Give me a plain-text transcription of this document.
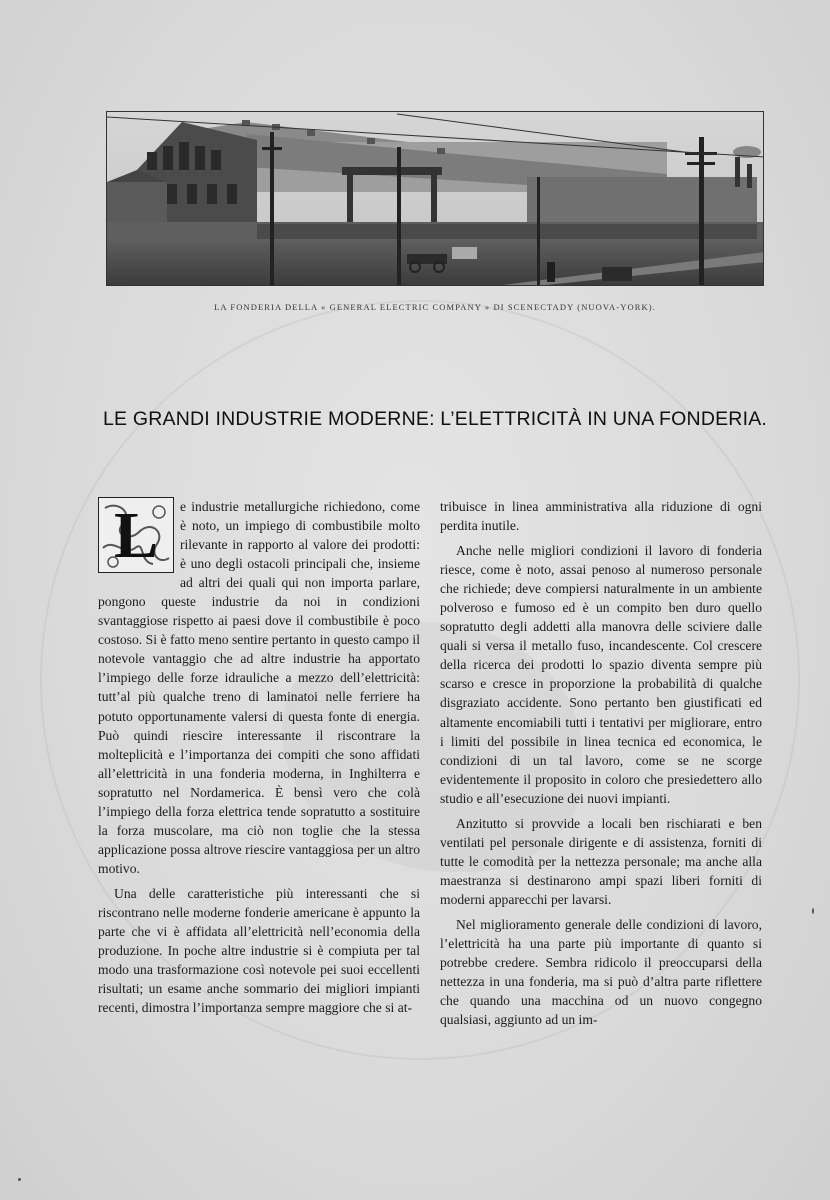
LA FONDERIA DELLA « GENERAL ELECTRIC COMPANY » DI SCENECTADY (NUOVA-YORK).
LE GRANDI INDUSTRIE MODERNE: L’ELETTRICITÀ IN UNA FONDERIA.

L	e industrie metallurgiche richiedono, come è noto, un impiego di combustibile molto rilevante in rapporto al valore dei prodotti: è uno degli ostacoli principali che, insieme ad altri dei quali qui non importa parlare, pongono queste industrie da noi in condizioni svantaggiose rispetto ai paesi dove il combustibile è poco costoso. Si è fatto meno sentire pertanto in questo campo il notevole vantaggio che ad altre industrie ha apportato l’impiego delle forze idrauliche a mezzo dell’elettricità: tutt’al più qualche treno di laminatoi nelle ferriere ha potuto opportunamente valersi di questa fonte di energia. Può quindi riescire interessante il riscontrare la molteplicità e l’importanza dei compiti che sono affidati all’elettricità in una fonderia moderna, in Inghilterra e sopratutto nel Nordamerica. È bensì vero che colà l’impiego della forza elettrica tende sopratutto a sostituire la forza muscolare, ma ciò non toglie che la stessa applicazione possa altrove riescire vantaggiosa per un altro motivo.

Una delle caratteristiche più interessanti che si riscontrano nelle moderne fonderie americane è appunto la parte che vi è affidata all’elettricità nell’economia della produzione. In poche altre industrie si è compiuta per tal modo una trasformazione così notevole pei suoi eccellenti risultati; un esame anche sommario dei migliori impianti recenti, dimostra l’importanza sempre maggiore che si at-

tribuisce in linea amministrativa alla riduzione di ogni perdita inutile.

Anche nelle migliori condizioni il lavoro di fonderia riesce, come è noto, assai penoso al numeroso personale che richiede; deve compiersi naturalmente in un ambiente polveroso e fumoso ed è un compito ben duro quello sopratutto degli addetti alla manovra delle sciviere dalle quali si versa il metallo fuso, incandescente. Col crescere della ricerca dei prodotti lo spazio diventa sempre più scarso e cresce in proporzione la probabilità di qualche disgraziato accidente. Sono pertanto ben giustificati ed altamente encomiabili tutti i tentativi per migliorare, entro i limiti del possibile in linea tecnica ed economica, le condizioni di un tal lavoro, come se ne scorge evidentemente il proposito in coloro che presiedettero allo studio e all’esecuzione dei nuovi impianti.

Anzitutto si provvide a locali ben rischiarati e ben ventilati pel personale dirigente e di assistenza, forniti di tutte le comodità per la nettezza personale; ma anche alla maestranza si destinarono ampi spazi liberi forniti di moderni apparecchi per lavarsi.

Nel miglioramento generale delle condizioni di lavoro, l’elettricità ha una parte più importante di quanto si potrebbe credere. Sembra ridicolo il preoccuparsi della nettezza in una fonderia, ma si può d’altra parte riflettere che quando una macchina od un nuovo congegno qualsiasi, aggiunto ad un im-
